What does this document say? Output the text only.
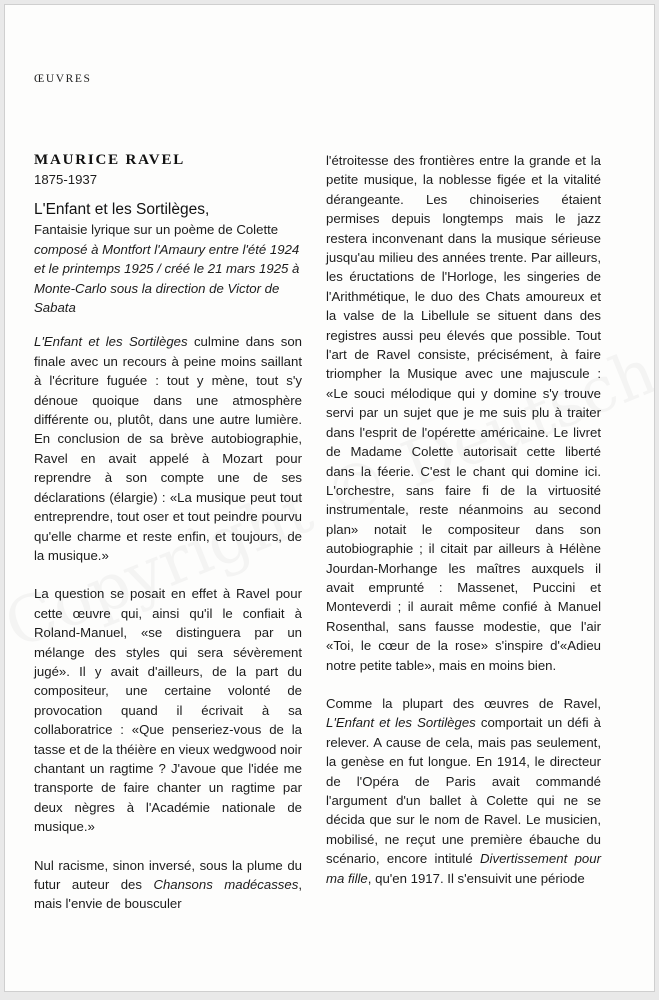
ŒUVRES

MAURICE RAVEL

1875-1937

L'Enfant et les Sortilèges,

Fantaisie lyrique sur un poème de Colette

composé à Montfort l'Amaury entre l'été 1924 et le printemps 1925 / créé le 21 mars 1925 à Monte-Carlo sous la direction de Victor de Sabata

L'Enfant et les Sortilèges culmine dans son finale avec un recours à peine moins saillant à l'écriture fuguée : tout y mène, tout s'y dénoue quoique dans une atmosphère différente ou, plutôt, dans une autre lumière. En conclusion de sa brève autobiographie, Ravel en avait appelé à Mozart pour reprendre à son compte une de ses déclarations (élargie) : «La musique peut tout entreprendre, tout oser et tout peindre pourvu qu'elle charme et reste enfin, et toujours, de la musique.»

La question se posait en effet à Ravel pour cette œuvre qui, ainsi qu'il le confiait à Roland-Manuel, «se distinguera par un mélange des styles qui sera sévèrement jugé». Il y avait d'ailleurs, de la part du compositeur, une certaine volonté de provocation quand il écrivait à sa collaboratrice : «Que penseriez-vous de la tasse et de la théière en vieux wedgwood noir chantant un ragtime ? J'avoue que l'idée me transporte de faire chanter un ragtime par deux nègres à l'Académie nationale de musique.»

Nul racisme, sinon inversé, sous la plume du futur auteur des Chansons madécasses, mais l'envie de bousculer

l'étroitesse des frontières entre la grande et la petite musique, la noblesse figée et la vitalité dérangeante. Les chinoiseries étaient permises depuis longtemps mais le jazz restera inconvenant dans la musique sérieuse jusqu'au milieu des années trente. Par ailleurs, les éructations de l'Horloge, les singeries de l'Arithmétique, le duo des Chats amoureux et la valse de la Libellule se situent dans des registres aussi peu élevés que possible. Tout l'art de Ravel consiste, précisément, à faire triompher la Musique avec une majuscule : «Le souci mélodique qui y domine s'y trouve servi par un sujet que je me suis plu à traiter dans l'esprit de l'opérette américaine. Le livret de Madame Colette autorisait cette liberté dans la féerie. C'est le chant qui domine ici. L'orchestre, sans faire fi de la virtuosité instrumentale, reste néanmoins au second plan» notait le compositeur dans son autobiographie ; il citait par ailleurs à Hélène Jourdan-Morhange les maîtres auxquels il avait emprunté : Massenet, Puccini et Monteverdi ; il aurait même confié à Manuel Rosenthal, sans fausse modestie, que l'air «Toi, le cœur de la rose» s'inspire d'«Adieu notre petite table», mais en moins bien.

Comme la plupart des œuvres de Ravel, L'Enfant et les Sortilèges comportait un défi à relever. A cause de cela, mais pas seulement, la genèse en fut longue. En 1914, le directeur de l'Opéra de Paris avait commandé l'argument d'un ballet à Colette qui ne se décida que sur le nom de Ravel. Le musicien, mobilisé, ne reçut une première ébauche du scénario, encore intitulé Divertissement pour ma fille, qu'en 1917. Il s'ensuivit une période
